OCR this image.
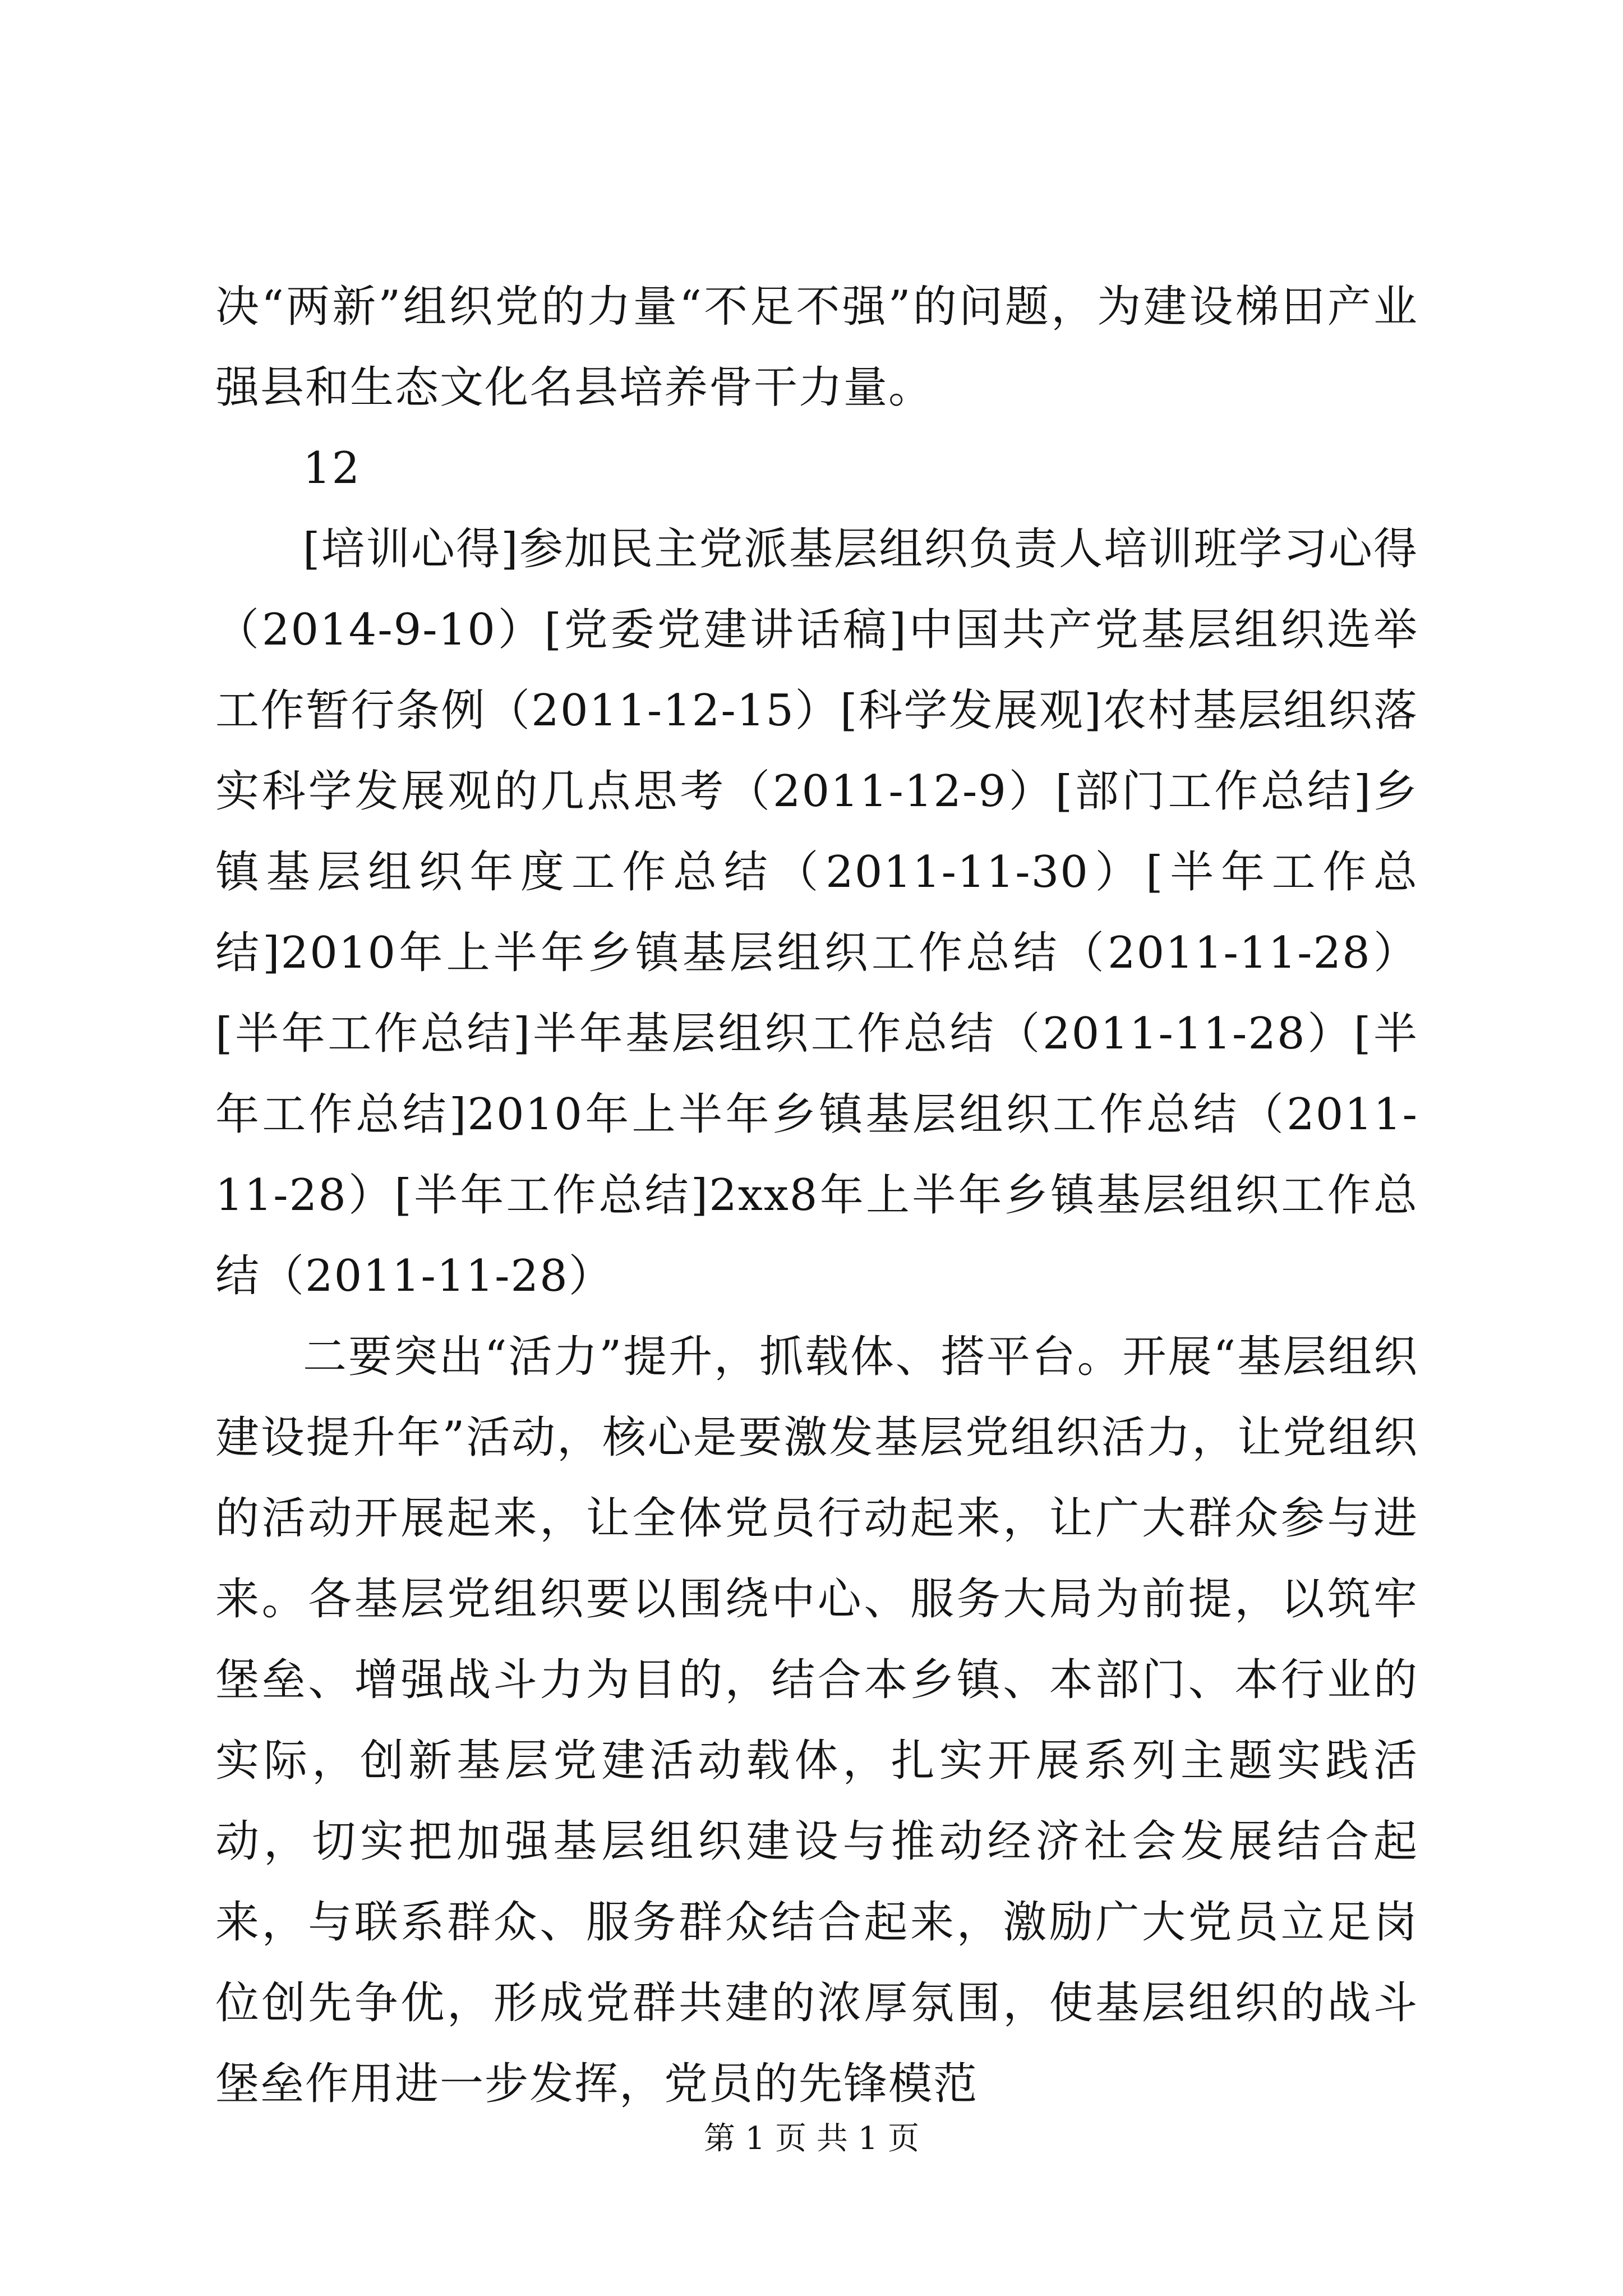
决“两新”组织党的力量“不足不强”的问题，为建设梯田产业强县和生态文化名县培养骨干力量。

12

[培训心得]参加民主党派基层组织负责人培训班学习心得（2014-9-10）[党委党建讲话稿]中国共产党基层组织选举工作暂行条例（2011-12-15）[科学发展观]农村基层组织落实科学发展观的几点思考（2011-12-9）[部门工作总结]乡镇基层组织年度工作总结（2011-11-30）[半年工作总结]2010年上半年乡镇基层组织工作总结（2011-11-28）[半年工作总结]半年基层组织工作总结（2011-11-28）[半年工作总结]2010年上半年乡镇基层组织工作总结（2011-11-28）[半年工作总结]2xx8年上半年乡镇基层组织工作总结（2011-11-28）

二要突出“活力”提升，抓载体、搭平台。开展“基层组织建设提升年”活动，核心是要激发基层党组织活力，让党组织的活动开展起来，让全体党员行动起来，让广大群众参与进来。各基层党组织要以围绕中心、服务大局为前提，以筑牢堡垒、增强战斗力为目的，结合本乡镇、本部门、本行业的实际，创新基层党建活动载体，扎实开展系列主题实践活动，切实把加强基层组织建设与推动经济社会发展结合起来，与联系群众、服务群众结合起来，激励广大党员立足岗位创先争优，形成党群共建的浓厚氛围，使基层组织的战斗堡垒作用进一步发挥，党员的先锋模范

第 1 页 共 1 页
